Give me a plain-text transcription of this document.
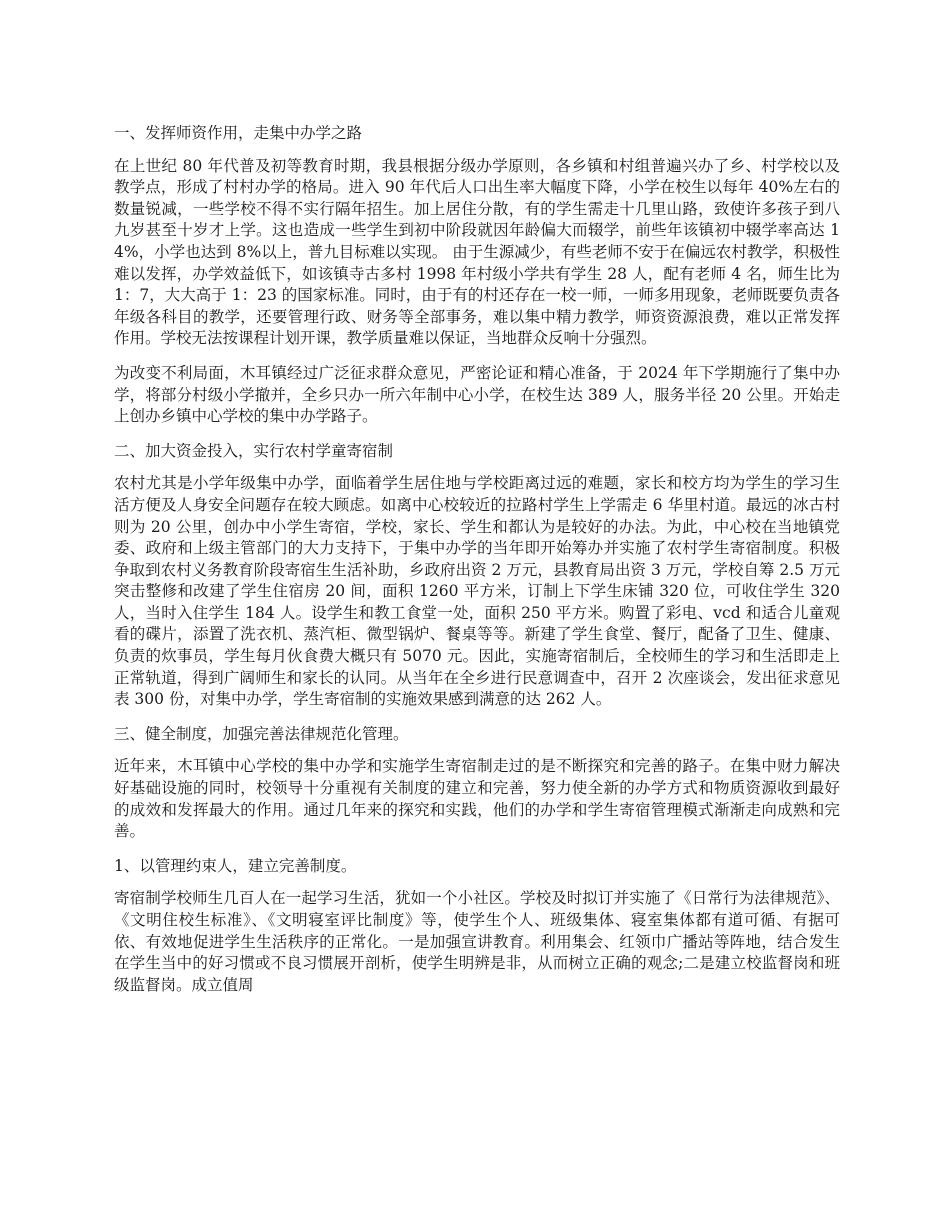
一、发挥师资作用，走集中办学之路

在上世纪 80 年代普及初等教育时期，我县根据分级办学原则，各乡镇和村组普遍兴办了乡、村学校以及教学点，形成了村村办学的格局。进入 90 年代后人口出生率大幅度下降，小学在校生以每年 40%左右的数量锐减，一些学校不得不实行隔年招生。加上居住分散，有的学生需走十几里山路，致使许多孩子到八九岁甚至十岁才上学。这也造成一些学生到初中阶段就因年龄偏大而辍学，前些年该镇初中辍学率高达 14%，小学也达到 8%以上，普九目标难以实现。 由于生源减少，有些老师不安于在偏远农村教学，积极性难以发挥，办学效益低下，如该镇寺古多村 1998 年村级小学共有学生 28 人，配有老师 4 名，师生比为 1：7，大大高于 1：23 的国家标准。同时，由于有的村还存在一校一师，一师多用现象，老师既要负责各年级各科目的教学，还要管理行政、财务等全部事务，难以集中精力教学，师资资源浪费，难以正常发挥作用。学校无法按课程计划开课，教学质量难以保证，当地群众反响十分强烈。

为改变不利局面，木耳镇经过广泛征求群众意见，严密论证和精心准备，于 2024 年下学期施行了集中办学，将部分村级小学撤并，全乡只办一所六年制中心小学，在校生达 389 人，服务半径 20 公里。开始走上创办乡镇中心学校的集中办学路子。

二、加大资金投入，实行农村学童寄宿制

农村尤其是小学年级集中办学，面临着学生居住地与学校距离过远的难题，家长和校方均为学生的学习生活方便及人身安全问题存在较大顾虑。如离中心校较近的拉路村学生上学需走 6 华里村道。最远的冰古村则为 20 公里，创办中小学生寄宿，学校，家长、学生和都认为是较好的办法。为此，中心校在当地镇党委、政府和上级主管部门的大力支持下，于集中办学的当年即开始筹办并实施了农村学生寄宿制度。积极争取到农村义务教育阶段寄宿生生活补助，乡政府出资 2 万元，县教育局出资 3 万元，学校自筹 2.5 万元突击整修和改建了学生住宿房 20 间，面积 1260 平方米，订制上下学生床铺 320 位，可收住学生 320 人，当时入住学生 184 人。设学生和教工食堂一处，面积 250 平方米。购置了彩电、vcd 和适合儿童观看的碟片，添置了洗衣机、蒸汽柜、微型锅炉、餐桌等等。新建了学生食堂、餐厅，配备了卫生、健康、负责的炊事员，学生每月伙食费大概只有 5070 元。因此，实施寄宿制后，全校师生的学习和生活即走上正常轨道，得到广阔师生和家长的认同。从当年在全乡进行民意调查中，召开 2 次座谈会，发出征求意见表 300 份，对集中办学，学生寄宿制的实施效果感到满意的达 262 人。

三、健全制度，加强完善法律规范化管理。

近年来，木耳镇中心学校的集中办学和实施学生寄宿制走过的是不断探究和完善的路子。在集中财力解决好基础设施的同时，校领导十分重视有关制度的建立和完善，努力使全新的办学方式和物质资源收到最好的成效和发挥最大的作用。通过几年来的探究和实践，他们的办学和学生寄宿管理模式渐渐走向成熟和完善。

1、以管理约束人，建立完善制度。

寄宿制学校师生几百人在一起学习生活，犹如一个小社区。学校及时拟订并实施了《日常行为法律规范》、《文明住校生标准》、《文明寝室评比制度》等，使学生个人、班级集体、寝室集体都有道可循、有据可依、有效地促进学生生活秩序的正常化。一是加强宣讲教育。利用集会、红领巾广播站等阵地，结合发生在学生当中的好习惯或不良习惯展开剖析，使学生明辨是非，从而树立正确的观念;二是建立校监督岗和班级监督岗。成立值周
